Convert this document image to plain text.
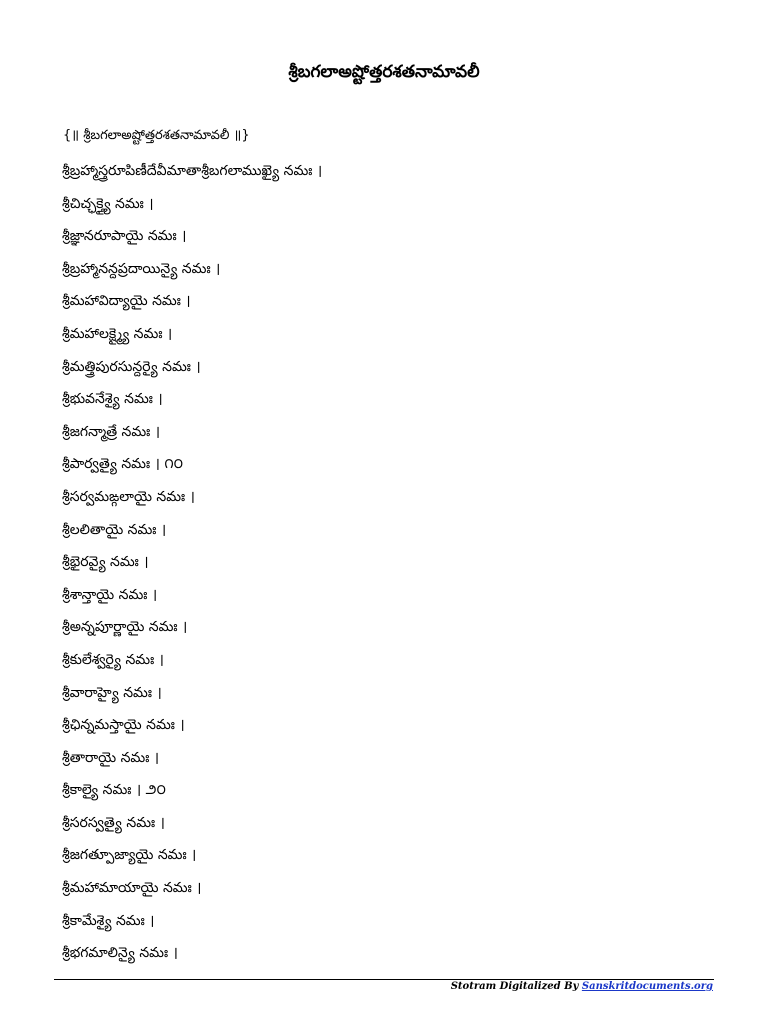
శ్రీబగలాఅష్టోత్తరశతనామావలీ
{॥ శ్రీబగలాఅష్టోత్తరశతనామావలీ ॥}
శ్రీబ్రహ్మాస్త్రరూపిణీదేవీమాతాశ్రీబగలాముఖ్యై నమః ।
శ్రీచిచ్ఛక్త్యై నమః ।
శ్రీజ్ఞానరూపాయై నమః ।
శ్రీబ్రహ్మానన్దప్రదాయిన్యై నమః ।
శ్రీమహావిద్యాయై నమః ।
శ్రీమహాలక్ష్మ్యై నమః ।
శ్రీమత్త్రిపురసున్దర్యై నమః ।
శ్రీభువనేశ్యై నమః ।
శ్రీజగన్మాత్రే నమః ।
శ్రీపార్వత్యై నమః । ౧౦
శ్రీసర్వమఙ్గలాయై నమః ।
శ్రీలలితాయై నమః ।
శ్రీభైరవ్యై నమః ।
శ్రీశాన్తాయై నమః ।
శ్రీఅన్నపూర్ణాయై నమః ।
శ్రీకులేశ్వర్యై నమః ।
శ్రీవారాహ్యై నమః ।
శ్రీఛిన్నమస్తాయై నమః ।
శ్రీతారాయై నమః ।
శ్రీకాల్యై నమః । ౨౦
శ్రీసరస్వత్యై నమః ।
శ్రీజగత్పూజ్యాయై నమః ।
శ్రీమహామాయాయై నమః ।
శ్రీకామేశ్యై నమః ।
శ్రీభగమాలిన్యై నమః ।
Stotram Digitalized By Sanskritdocuments.org
